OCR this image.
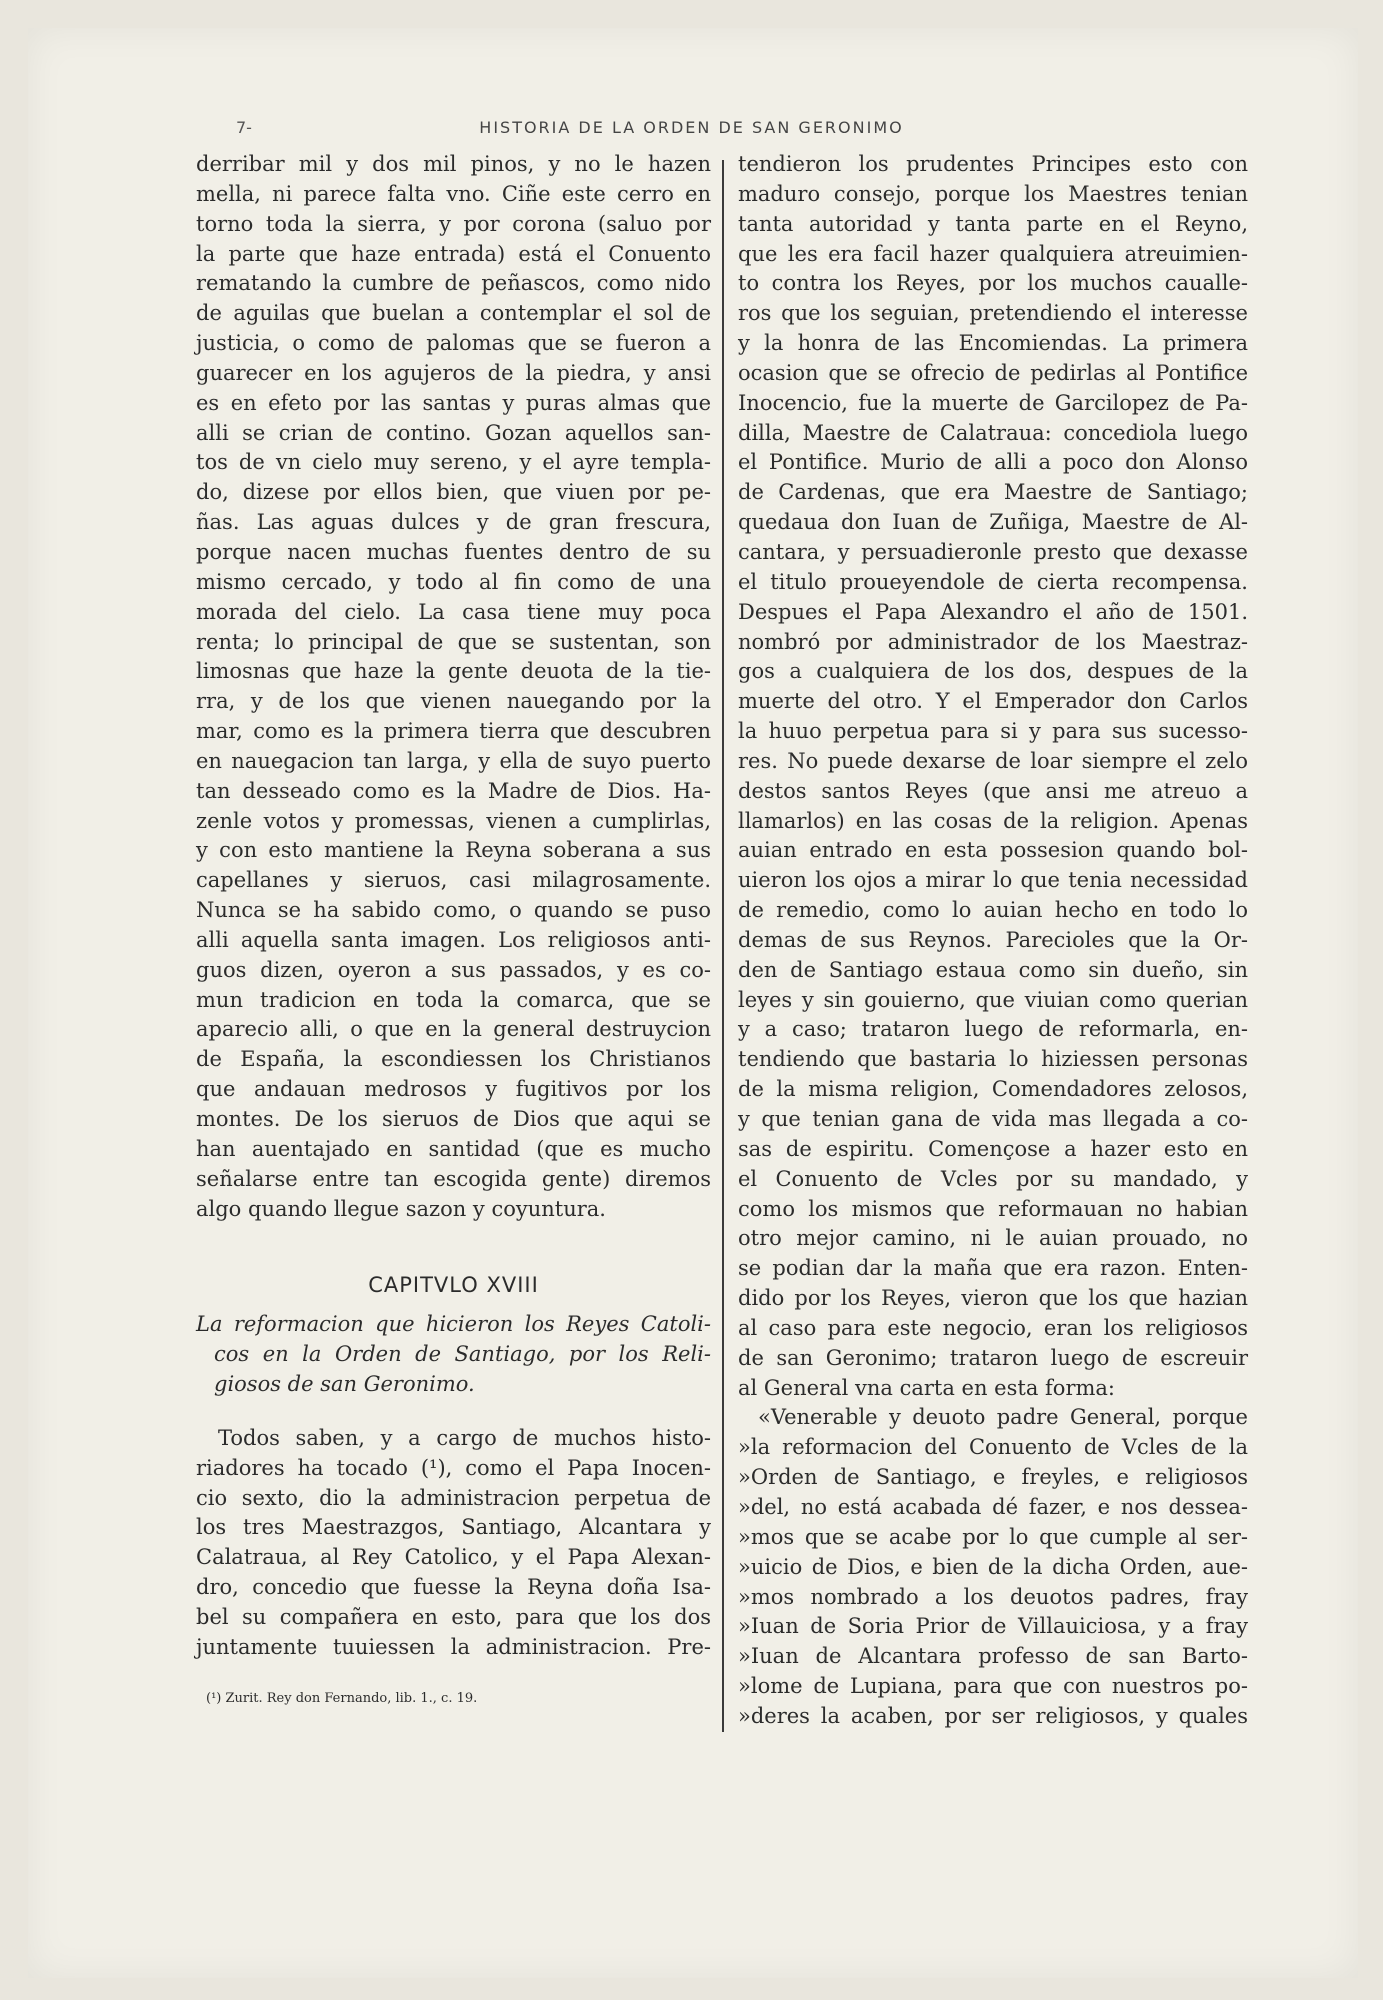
7-	HISTORIA DE LA ORDEN DE SAN GERONIMO
derribar mil y dos mil pinos, y no le hazen
mella, ni parece falta vno. Ciñe este cerro en
torno toda la sierra, y por corona (saluo por
la parte que haze entrada) está el Conuento
rematando la cumbre de peñascos, como nido
de aguilas que buelan a contemplar el sol de
justicia, o como de palomas que se fueron a
guarecer en los agujeros de la piedra, y ansi
es en efeto por las santas y puras almas que
alli se crian de contino. Gozan aquellos san-
tos de vn cielo muy sereno, y el ayre templa-
do, dizese por ellos bien, que viuen por pe-
ñas. Las aguas dulces y de gran frescura,
porque nacen muchas fuentes dentro de su
mismo cercado, y todo al fin como de una
morada del cielo. La casa tiene muy poca
renta; lo principal de que se sustentan, son
limosnas que haze la gente deuota de la tie-
rra, y de los que vienen nauegando por la
mar, como es la primera tierra que descubren
en nauegacion tan larga, y ella de suyo puerto
tan desseado como es la Madre de Dios. Ha-
zenle votos y promessas, vienen a cumplirlas,
y con esto mantiene la Reyna soberana a sus
capellanes y sieruos, casi milagrosamente.
Nunca se ha sabido como, o quando se puso
alli aquella santa imagen. Los religiosos anti-
guos dizen, oyeron a sus passados, y es co-
mun tradicion en toda la comarca, que se
aparecio alli, o que en la general destruycion
de España, la escondiessen los Christianos
que andauan medrosos y fugitivos por los
montes. De los sieruos de Dios que aqui se
han auentajado en santidad (que es mucho
señalarse entre tan escogida gente) diremos
algo quando llegue sazon y coyuntura.
CAPITVLO XVIII
La reformacion que hicieron los Reyes Catoli-
cos en la Orden de Santiago, por los Reli-
giosos de san Geronimo.
Todos saben, y a cargo de muchos histo-
riadores ha tocado (¹), como el Papa Inocen-
cio sexto, dio la administracion perpetua de
los tres Maestrazgos, Santiago, Alcantara y
Calatraua, al Rey Catolico, y el Papa Alexan-
dro, concedio que fuesse la Reyna doña Isa-
bel su compañera en esto, para que los dos
juntamente tuuiessen la administracion. Pre-
(¹) Zurit. Rey don Fernando, lib. 1., c. 19.
tendieron los prudentes Principes esto con
maduro consejo, porque los Maestres tenian
tanta autoridad y tanta parte en el Reyno,
que les era facil hazer qualquiera atreuimien-
to contra los Reyes, por los muchos caualle-
ros que los seguian, pretendiendo el interesse
y la honra de las Encomiendas. La primera
ocasion que se ofrecio de pedirlas al Pontifice
Inocencio, fue la muerte de Garcilopez de Pa-
dilla, Maestre de Calatraua: concediola luego
el Pontifice. Murio de alli a poco don Alonso
de Cardenas, que era Maestre de Santiago;
quedaua don Iuan de Zuñiga, Maestre de Al-
cantara, y persuadieronle presto que dexasse
el titulo proueyendole de cierta recompensa.
Despues el Papa Alexandro el año de 1501.
nombró por administrador de los Maestraz-
gos a cualquiera de los dos, despues de la
muerte del otro. Y el Emperador don Carlos
la huuo perpetua para si y para sus sucesso-
res. No puede dexarse de loar siempre el zelo
destos santos Reyes (que ansi me atreuo a
llamarlos) en las cosas de la religion. Apenas
auian entrado en esta possesion quando bol-
uieron los ojos a mirar lo que tenia necessidad
de remedio, como lo auian hecho en todo lo
demas de sus Reynos. Parecioles que la Or-
den de Santiago estaua como sin dueño, sin
leyes y sin gouierno, que viuian como querian
y a caso; trataron luego de reformarla, en-
tendiendo que bastaria lo hiziessen personas
de la misma religion, Comendadores zelosos,
y que tenian gana de vida mas llegada a co-
sas de espiritu. Començose a hazer esto en
el Conuento de Vcles por su mandado, y
como los mismos que reformauan no habian
otro mejor camino, ni le auian prouado, no
se podian dar la maña que era razon. Enten-
dido por los Reyes, vieron que los que hazian
al caso para este negocio, eran los religiosos
de san Geronimo; trataron luego de escreuir
al General vna carta en esta forma:
«Venerable y deuoto padre General, porque
»la reformacion del Conuento de Vcles de la
»Orden de Santiago, e freyles, e religiosos
»del, no está acabada dé fazer, e nos dessea-
»mos que se acabe por lo que cumple al ser-
»uicio de Dios, e bien de la dicha Orden, aue-
»mos nombrado a los deuotos padres, fray
»Iuan de Soria Prior de Villauiciosa, y a fray
»Iuan de Alcantara professo de san Barto-
»lome de Lupiana, para que con nuestros po-
»deres la acaben, por ser religiosos, y quales
